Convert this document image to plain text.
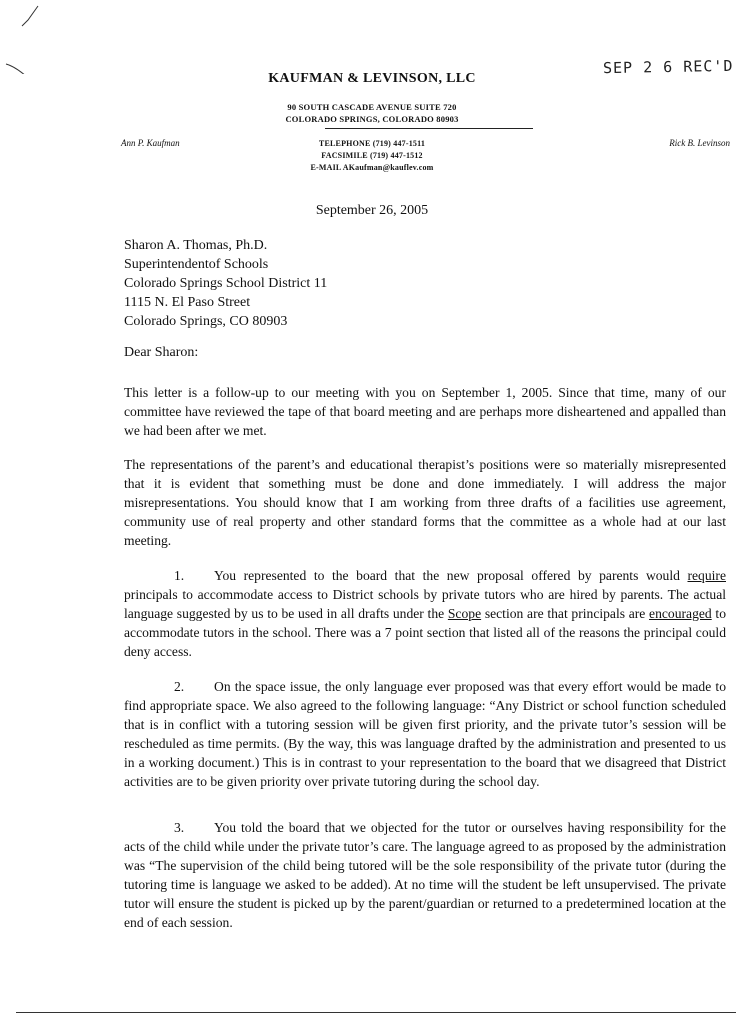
SEP 2 6 REC'D
KAUFMAN & LEVINSON, LLC
90 SOUTH CASCADE AVENUE SUITE 720
COLORADO SPRINGS, COLORADO 80903
Ann P. Kaufman	Rick B. Levinson
TELEPHONE (719) 447-1511
FACSIMILE (719) 447-1512
E-MAIL AKaufman@kauflev.com
September 26, 2005
Sharon A. Thomas, Ph.D.
Superintendentof Schools
Colorado Springs School District 11
1115 N. El Paso Street
Colorado Springs, CO 80903
Dear Sharon:

This letter is a follow-up to our meeting with you on September 1, 2005. Since that time, many of our committee have reviewed the tape of that board meeting and are perhaps more disheartened and appalled than we had been after we met.

The representations of the parent’s and educational therapist’s positions were so materially misrepresented that it is evident that something must be done and done immediately. I will address the major misrepresentations. You should know that I am working from three drafts of a facilities use agreement, community use of real property and other standard forms that the committee as a whole had at our last meeting.

1. You represented to the board that the new proposal offered by parents would require principals to accommodate access to District schools by private tutors who are hired by parents. The actual language suggested by us to be used in all drafts under the Scope section are that principals are encouraged to accommodate tutors in the school. There was a 7 point section that listed all of the reasons the principal could deny access.

2. On the space issue, the only language ever proposed was that every effort would be made to find appropriate space. We also agreed to the following language: “Any District or school function scheduled that is in conflict with a tutoring session will be given first priority, and the private tutor’s session will be rescheduled as time permits. (By the way, this was language drafted by the administration and presented to us in a working document.) This is in contrast to your representation to the board that we disagreed that District activities are to be given priority over private tutoring during the school day.

3. You told the board that we objected for the tutor or ourselves having responsibility for the acts of the child while under the private tutor’s care. The language agreed to as proposed by the administration was “The supervision of the child being tutored will be the sole responsibility of the private tutor (during the tutoring time is language we asked to be added). At no time will the student be left unsupervised. The private tutor will ensure the student is picked up by the parent/guardian or returned to a predetermined location at the end of each session.
